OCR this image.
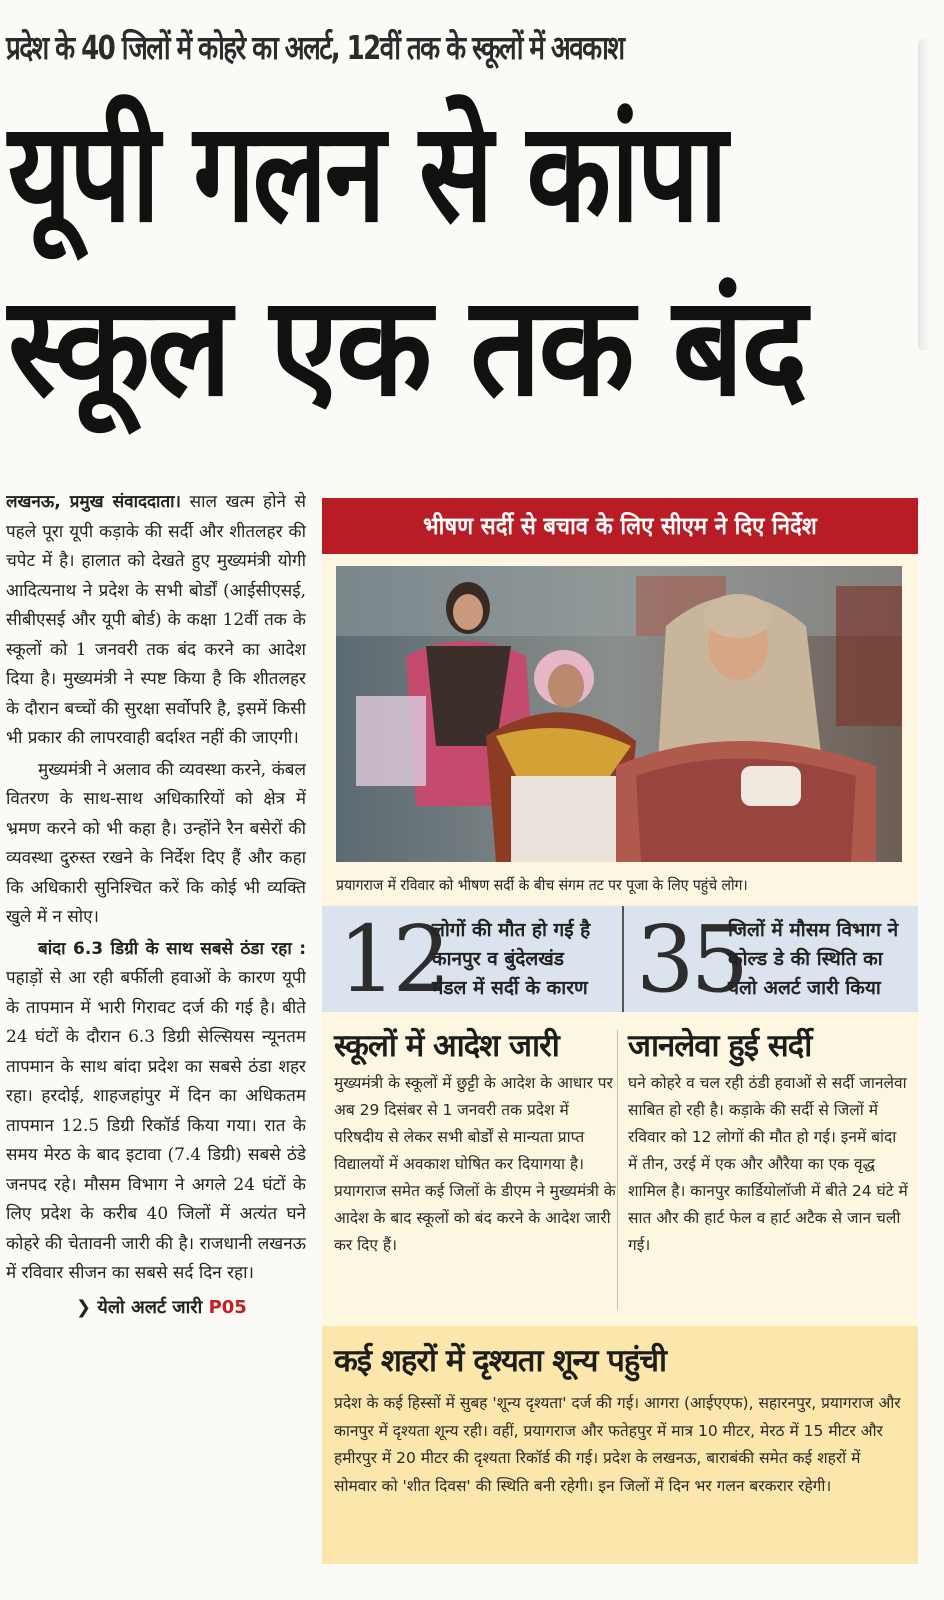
प्रदेश के 40 जिलों में कोहरे का अलर्ट, 12वीं तक के स्कूलों में अवकाश
यूपी गलन से कांपा
स्कूल एक तक बंद

लखनऊ, प्रमुख संवाददाता। साल खत्म होने से पहले पूरा यूपी कड़ाके की सर्दी और शीतलहर की चपेट में है। हालात को देखते हुए मुख्यमंत्री योगी आदित्यनाथ ने प्रदेश के सभी बोर्डों (आईसीएसई, सीबीएसई और यूपी बोर्ड) के कक्षा 12वीं तक के स्कूलों को 1 जनवरी तक बंद करने का आदेश दिया है। मुख्यमंत्री ने स्पष्ट किया है कि शीतलहर के दौरान बच्चों की सुरक्षा सर्वोपरि है, इसमें किसी भी प्रकार की लापरवाही बर्दाश्त नहीं की जाएगी।

मुख्यमंत्री ने अलाव की व्यवस्था करने, कंबल वितरण के साथ-साथ अधिकारियों को क्षेत्र में भ्रमण करने को भी कहा है। उन्होंने रैन बसेरों की व्यवस्था दुरुस्त रखने के निर्देश दिए हैं और कहा कि अधिकारी सुनिश्चित करें कि कोई भी व्यक्ति खुले में न सोए।

बांदा 6.3 डिग्री के साथ सबसे ठंडा रहा : पहाड़ों से आ रही बर्फीली हवाओं के कारण यूपी के तापमान में भारी गिरावट दर्ज की गई है। बीते 24 घंटों के दौरान 6.3 डिग्री सेल्सियस न्यूनतम तापमान के साथ बांदा प्रदेश का सबसे ठंडा शहर रहा। हरदोई, शाहजहांपुर में दिन का अधिकतम तापमान 12.5 डिग्री रिकॉर्ड किया गया। रात के समय मेरठ के बाद इटावा (7.4 डिग्री) सबसे ठंडे जनपद रहे। मौसम विभाग ने अगले 24 घंटों के लिए प्रदेश के करीब 40 जिलों में अत्यंत घने कोहरे की चेतावनी जारी की है। राजधानी लखनऊ में रविवार सीजन का सबसे सर्द दिन रहा।

❯ येलो अलर्ट जारी P05
भीषण सर्दी से बचाव के लिए सीएम ने दिए निर्देश
प्रयागराज में रविवार को भीषण सर्दी के बीच संगम तट पर पूजा के लिए पहुंचे लोग।
12
लोगों की मौत हो गई है
कानपुर व बुंदेलखंड
मंडल में सर्दी के कारण 35
जिलों में मौसम विभाग ने
कोल्ड डे की स्थिति का
यलो अलर्ट जारी किया
स्कूलों में आदेश जारी

मुख्यमंत्री के स्कूलों में छुट्टी के आदेश के आधार पर अब 29 दिसंबर से 1 जनवरी तक प्रदेश में परिषदीय से लेकर सभी बोर्डों से मान्यता प्राप्त विद्यालयों में अवकाश घोषित कर दियागया है। प्रयागराज समेत कई जिलों के डीएम ने मुख्यमंत्री के आदेश के बाद स्कूलों को बंद करने के आदेश जारी कर दिए हैं।

जानलेवा हुई सर्दी

घने कोहरे व चल रही ठंडी हवाओं से सर्दी जानलेवा साबित हो रही है। कड़ाके की सर्दी से जिलों में रविवार को 12 लोगों की मौत हो गई। इनमें बांदा में तीन, उरई में एक और औरैया का एक वृद्ध शामिल है। कानपुर कार्डियोलॉजी में बीते 24 घंटे में सात और की हार्ट फेल व हार्ट अटैक से जान चली गई।

कई शहरों में दृश्यता शून्य पहुंची

प्रदेश के कई हिस्सों में सुबह 'शून्य दृश्यता' दर्ज की गई। आगरा (आईएएफ), सहारनपुर, प्रयागराज और कानपुर में दृश्यता शून्य रही। वहीं, प्रयागराज और फतेहपुर में मात्र 10 मीटर, मेरठ में 15 मीटर और हमीरपुर में 20 मीटर की दृश्यता रिकॉर्ड की गई। प्रदेश के लखनऊ, बाराबंकी समेत कई शहरों में सोमवार को 'शीत दिवस' की स्थिति बनी रहेगी। इन जिलों में दिन भर गलन बरकरार रहेगी।
